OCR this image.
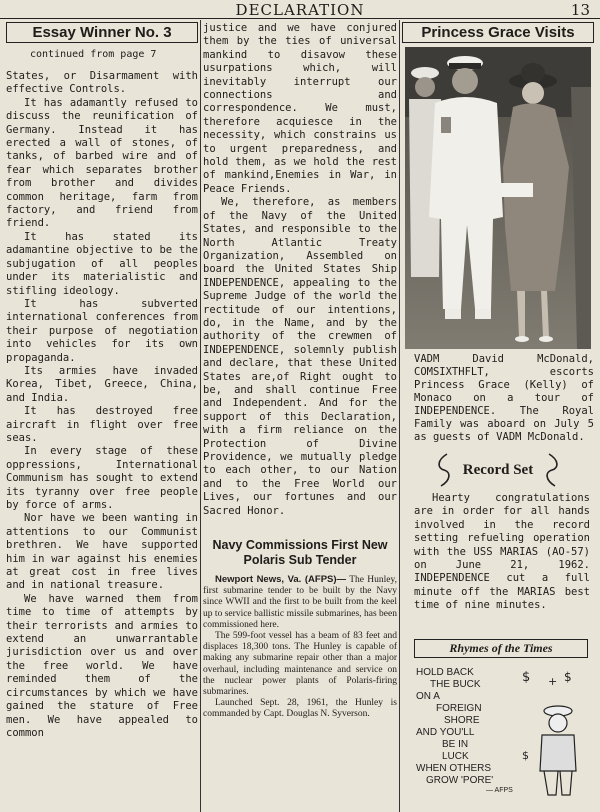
DECLARATION	13
Essay Winner No. 3
continued from page 7

States, or Disarmament with effective Controls.

It has adamantly refused to discuss the reunification of Germany. Instead it has erected a wall of stones, of tanks, of barbed wire and of fear which separates brother from brother and divides common heritage, farm from factory, and friend from friend.

It has stated its adamantine objective to be the subjugation of all peoples under its materialistic and stifling ideology.

It has subverted international conferences from their purpose of negotiation into vehicles for its own propaganda.

Its armies have invaded Korea, Tibet, Greece, China, and India.

It has destroyed free aircraft in flight over free seas.

In every stage of these oppressions, International Communism has sought to extend its tyranny over free people by force of arms.

Nor have we been wanting in attentions to our Communist brethren. We have supported him in war against his enemies at great cost in free lives and in national treasure.

We have warned them from time to time of attempts by their terrorists and armies to extend an unwarrantable jurisdiction over us and over the free world. We have reminded them of the circumstances by which we have gained the stature of Free men. We have appealed to common

justice and we have conjured them by the ties of universal mankind to disavow these usurpations which, will inevitably interrupt our connections and correspondence. We must, therefore acquiesce in the necessity, which constrains us to urgent preparedness, and hold them, as we hold the rest of mankind,Enemies in War, in Peace Friends.

We, therefore, as members of the Navy of the United States, and responsible to the North Atlantic Treaty Organization, Assembled on board the United States Ship INDEPENDENCE, appealing to the Supreme Judge of the world the rectitude of our intentions, do, in the Name, and by the authority of the crewmen of INDEPENDENCE, solemnly publish and declare, that these United States are,of Right ought to be, and shall continue Free and Independent. And for the support of this Declaration, with a firm reliance on the Protection of Divine Providence, we mutually pledge to each other, to our Nation and to the Free World our Lives, our fortunes and our Sacred Honor.

Navy Commissions First New Polaris Sub Tender

Newport News, Va. (AFPS)— The Hunley, first submarine tender to be built by the Navy since WWII and the first to be built from the keel up to service ballistic missile submarines, has been commissioned here.

The 599-foot vessel has a beam of 83 feet and displaces 18,300 tons. The Hunley is capable of making any submarine repair other than a major overhaul, including maintenance and service on the nuclear power plants of Polaris-firing submarines.

Launched Sept. 28, 1961, the Hunley is commanded by Capt. Douglas N. Syverson.

Princess Grace Visits
VADM David McDonald, COMSIXTHFLT, escorts Princess Grace (Kelly) of Monaco on a tour of INDEPENDENCE. The Royal Family was aboard on July 5 as guests of VADM McDonald.
Record Set

Hearty congratulations are in order for all hands involved in the record setting refueling operation with the USS MARIAS (AO-57) on June 21, 1962. INDEPENDENCE cut a full minute off the MARIAS best time of nine minutes.

Rhymes of the Times
HOLD BACK
THE BUCK
ON A
FOREIGN
SHORE
AND YOU'LL
BE IN
LUCK
WHEN OTHERS
GROW 'PORE'
$ + $
$
— AFPS
